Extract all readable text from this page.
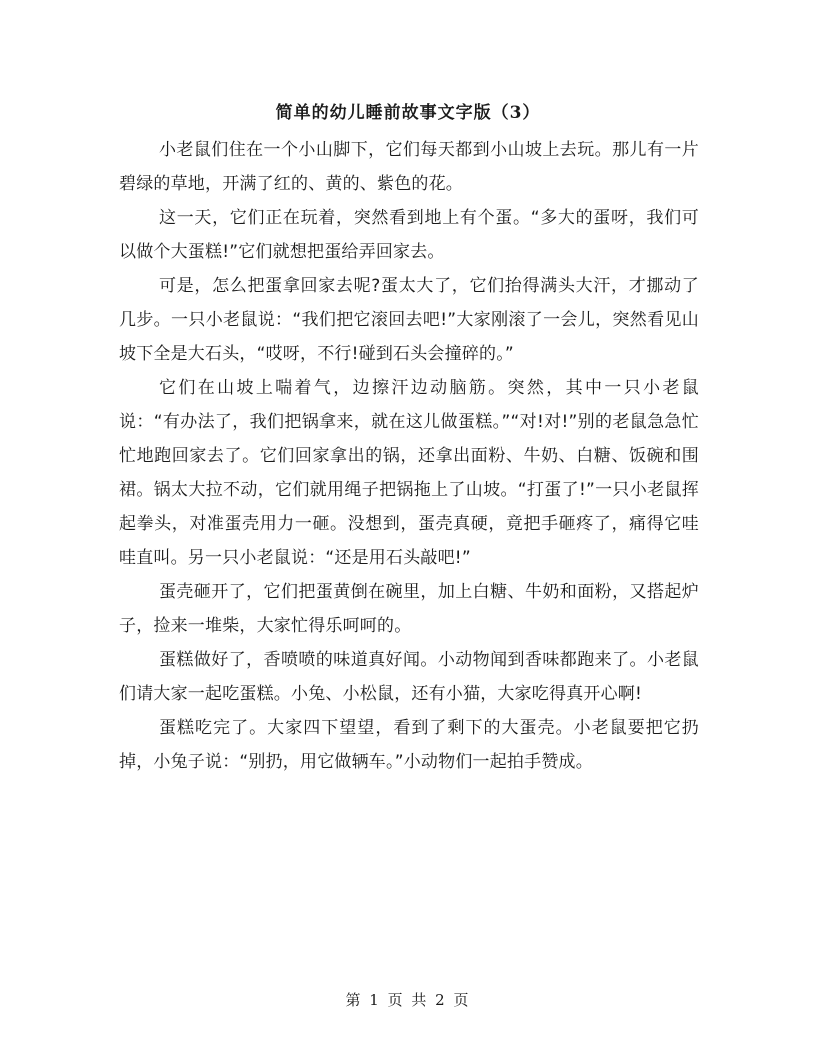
简单的幼儿睡前故事文字版（3）

小老鼠们住在一个小山脚下，它们每天都到小山坡上去玩。那儿有一片碧绿的草地，开满了红的、黄的、紫色的花。

这一天，它们正在玩着，突然看到地上有个蛋。“多大的蛋呀，我们可以做个大蛋糕!”它们就想把蛋给弄回家去。

可是，怎么把蛋拿回家去呢?蛋太大了，它们抬得满头大汗，才挪动了几步。一只小老鼠说：“我们把它滚回去吧!”大家刚滚了一会儿，突然看见山坡下全是大石头，“哎呀，不行!碰到石头会撞碎的。”

它们在山坡上喘着气，边擦汗边动脑筋。突然，其中一只小老鼠说：“有办法了，我们把锅拿来，就在这儿做蛋糕。”“对!对!”别的老鼠急急忙忙地跑回家去了。它们回家拿出的锅，还拿出面粉、牛奶、白糖、饭碗和围裙。锅太大拉不动，它们就用绳子把锅拖上了山坡。“打蛋了!”一只小老鼠挥起拳头，对准蛋壳用力一砸。没想到，蛋壳真硬，竟把手砸疼了，痛得它哇哇直叫。另一只小老鼠说：“还是用石头敲吧!”

蛋壳砸开了，它们把蛋黄倒在碗里，加上白糖、牛奶和面粉，又搭起炉子，捡来一堆柴，大家忙得乐呵呵的。

蛋糕做好了，香喷喷的味道真好闻。小动物闻到香味都跑来了。小老鼠们请大家一起吃蛋糕。小兔、小松鼠，还有小猫，大家吃得真开心啊!

蛋糕吃完了。大家四下望望，看到了剩下的大蛋壳。小老鼠要把它扔掉，小兔子说：“别扔，用它做辆车。”小动物们一起拍手赞成。

第 1 页 共 2 页
